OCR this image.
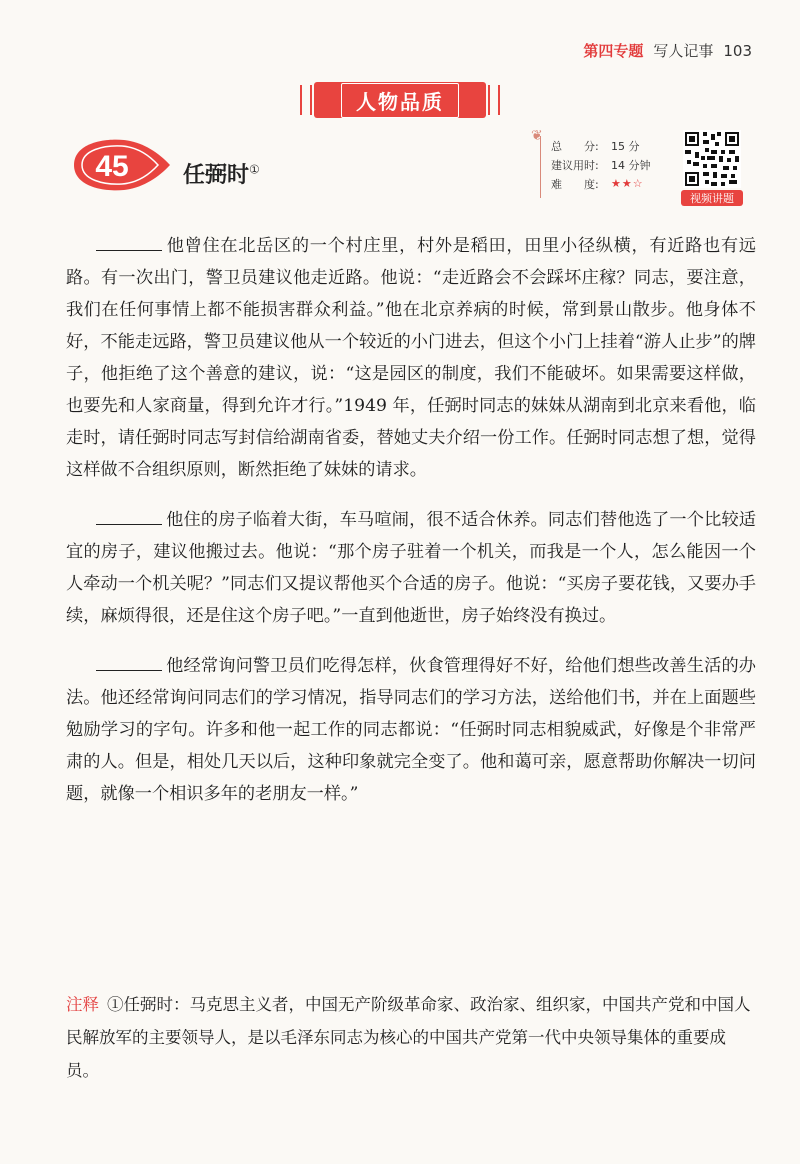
第四专题 写人记事 103
人物品质
45 任弼时①
❦
总　　分:	15 分
建议用时:	14 分钟
难　　度:	★★☆
视频讲题

他曾住在北岳区的一个村庄里，村外是稻田，田里小径纵横，有近路也有远路。有一次出门，警卫员建议他走近路。他说：“走近路会不会踩坏庄稼？同志，要注意，我们在任何事情上都不能损害群众利益。”他在北京养病的时候，常到景山散步。他身体不好，不能走远路，警卫员建议他从一个较近的小门进去，但这个小门上挂着“游人止步”的牌子，他拒绝了这个善意的建议，说：“这是园区的制度，我们不能破坏。如果需要这样做，也要先和人家商量，得到允许才行。”1949 年，任弼时同志的妹妹从湖南到北京来看他，临走时，请任弼时同志写封信给湖南省委，替她丈夫介绍一份工作。任弼时同志想了想，觉得这样做不合组织原则，断然拒绝了妹妹的请求。

他住的房子临着大街，车马喧闹，很不适合休养。同志们替他选了一个比较适宜的房子，建议他搬过去。他说：“那个房子驻着一个机关，而我是一个人，怎么能因一个人牵动一个机关呢？”同志们又提议帮他买个合适的房子。他说：“买房子要花钱，又要办手续，麻烦得很，还是住这个房子吧。”一直到他逝世，房子始终没有换过。

他经常询问警卫员们吃得怎样，伙食管理得好不好，给他们想些改善生活的办法。他还经常询问同志们的学习情况，指导同志们的学习方法，送给他们书，并在上面题些勉励学习的字句。许多和他一起工作的同志都说：“任弼时同志相貌威武，好像是个非常严肃的人。但是，相处几天以后，这种印象就完全变了。他和蔼可亲，愿意帮助你解决一切问题，就像一个相识多年的老朋友一样。”

注释 ①任弼时：马克思主义者，中国无产阶级革命家、政治家、组织家，中国共产党和中国人民解放军的主要领导人，是以毛泽东同志为核心的中国共产党第一代中央领导集体的重要成员。
